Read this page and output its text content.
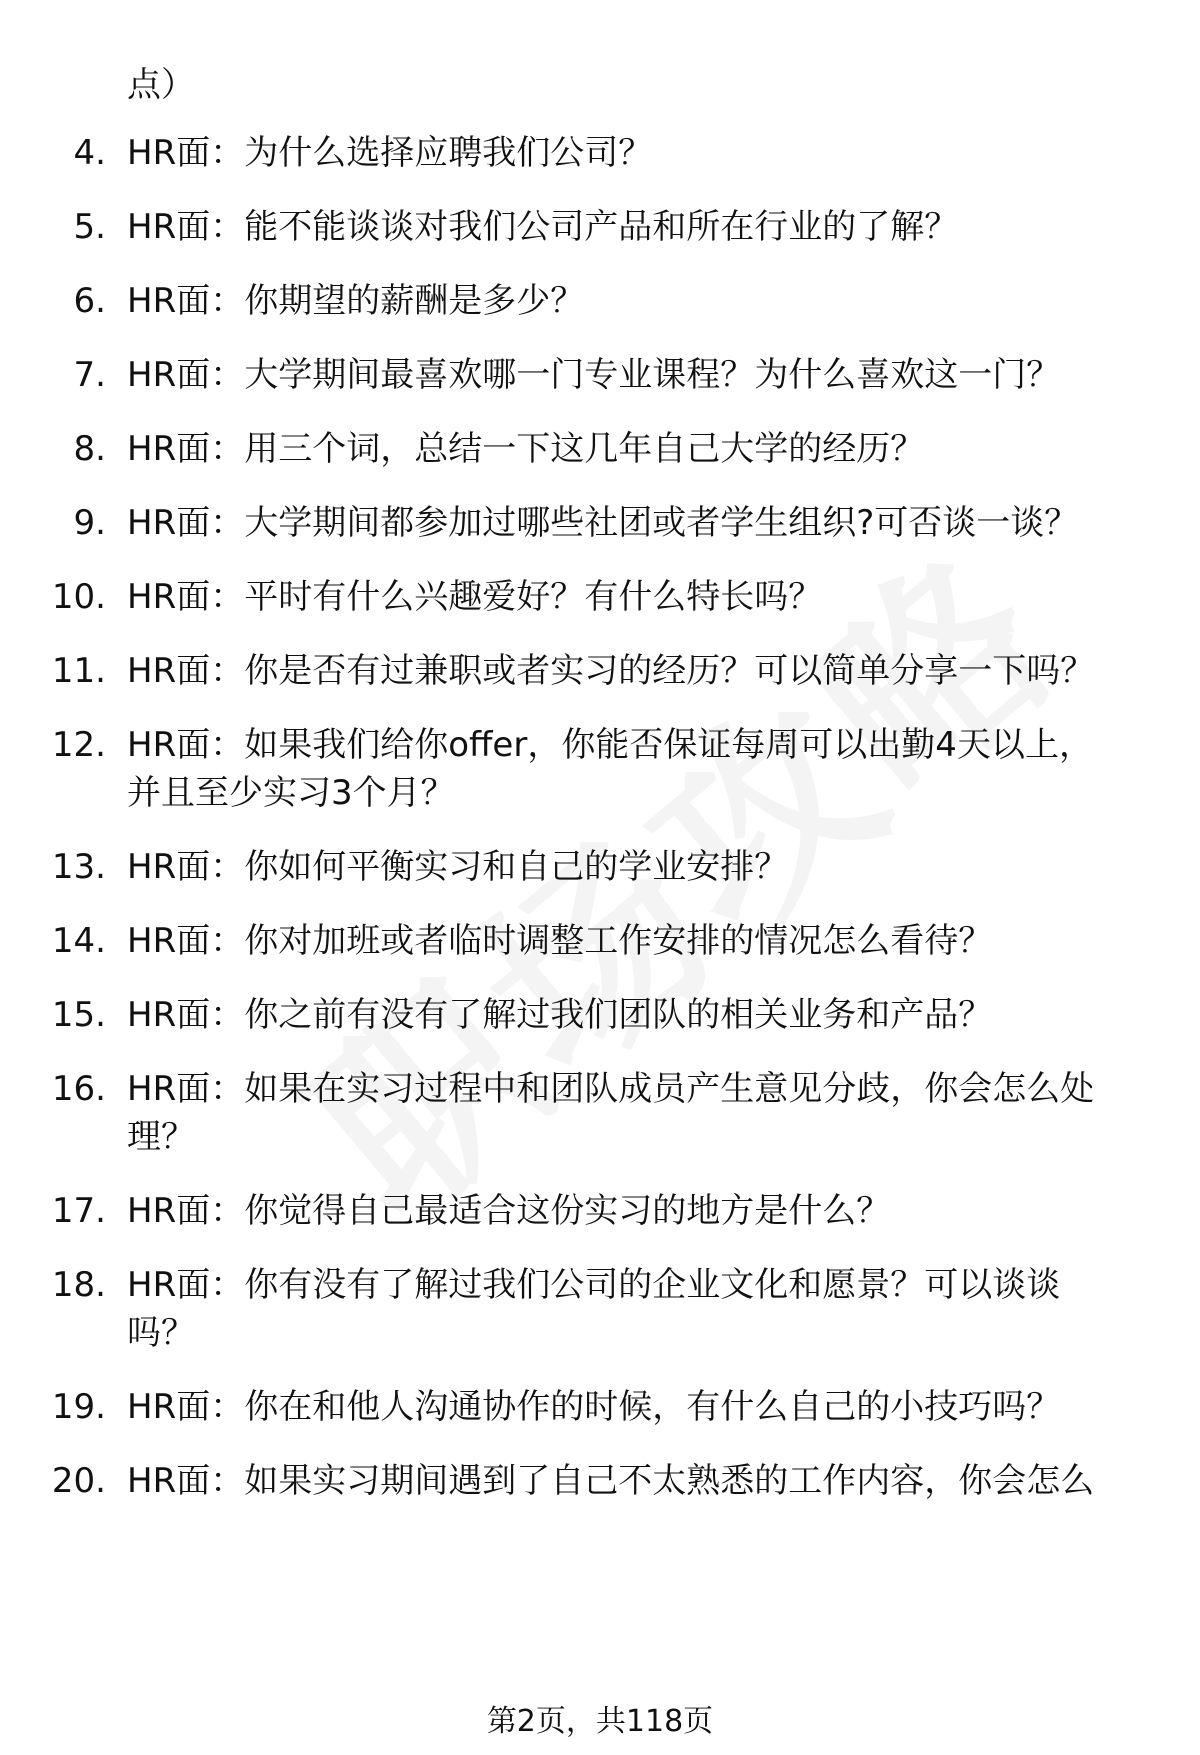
点）
4. HR面：为什么选择应聘我们公司？
5. HR面：能不能谈谈对我们公司产品和所在行业的了解？
6. HR面：你期望的薪酬是多少？
7. HR面：大学期间最喜欢哪一门专业课程？为什么喜欢这一门？
8. HR面：用三个词，总结一下这几年自己大学的经历？
9. HR面：大学期间都参加过哪些社团或者学生组织?可否谈一谈？
10. HR面：平时有什么兴趣爱好？有什么特长吗？
11. HR面：你是否有过兼职或者实习的经历？可以简单分享一下吗？
12. HR面：如果我们给你offer，你能否保证每周可以出勤4天以上，
并且至少实习3个月？
13. HR面：你如何平衡实习和自己的学业安排？
14. HR面：你对加班或者临时调整工作安排的情况怎么看待？
15. HR面：你之前有没有了解过我们团队的相关业务和产品？
16. HR面：如果在实习过程中和团队成员产生意见分歧，你会怎么处
理？
17. HR面：你觉得自己最适合这份实习的地方是什么？
18. HR面：你有没有了解过我们公司的企业文化和愿景？可以谈谈
吗？
19. HR面：你在和他人沟通协作的时候，有什么自己的小技巧吗？
20. HR面：如果实习期间遇到了自己不太熟悉的工作内容，你会怎么
第2页，共118页
